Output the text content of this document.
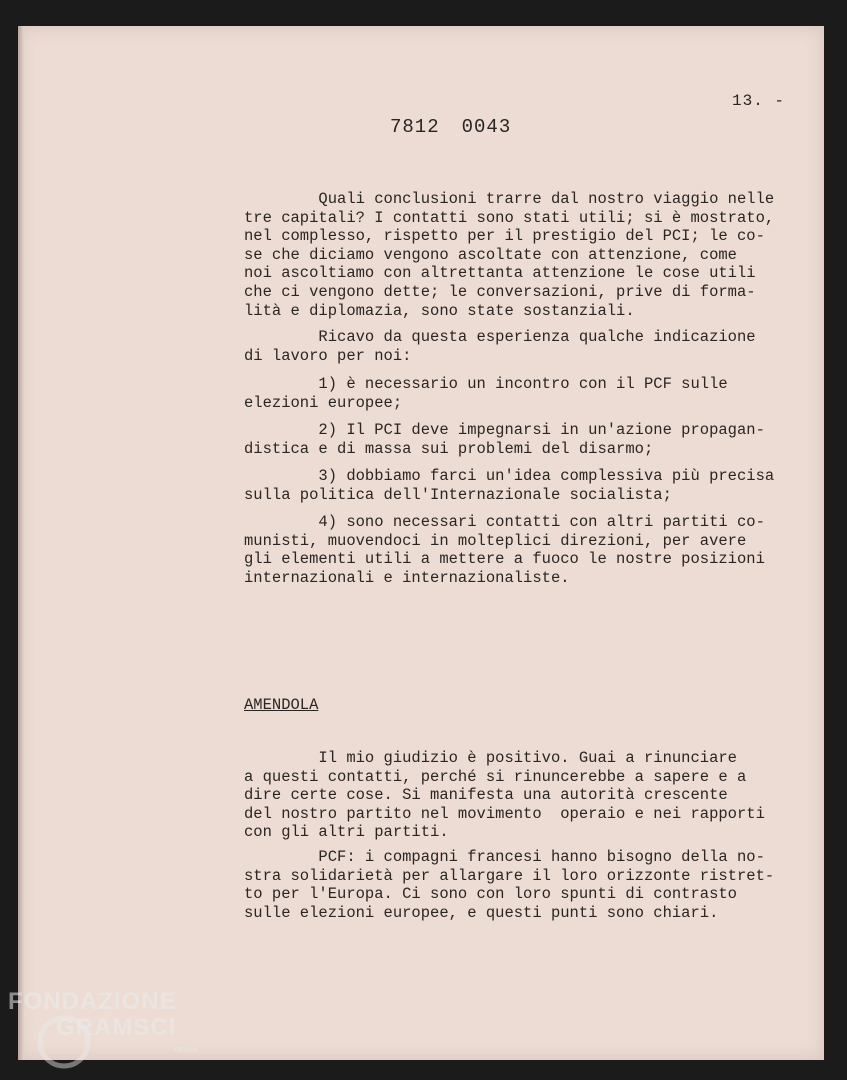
13. -
7812 0043
Quali conclusioni trarre dal nostro viaggio nelle
tre capitali? I contatti sono stati utili; si è mostrato,
nel complesso, rispetto per il prestigio del PCI; le co-
se che diciamo vengono ascoltate con attenzione, come
noi ascoltiamo con altrettanta attenzione le cose utili
che ci vengono dette; le conversazioni, prive di forma-
lità e diplomazia, sono state sostanziali.
Ricavo da questa esperienza qualche indicazione
di lavoro per noi:
1) è necessario un incontro con il PCF sulle
elezioni europee;
2) Il PCI deve impegnarsi in un'azione propagan-
distica e di massa sui problemi del disarmo;
3) dobbiamo farci un'idea complessiva più precisa
sulla politica dell'Internazionale socialista;
4) sono necessari contatti con altri partiti co-
munisti, muovendoci in molteplici direzioni, per avere
gli elementi utili a mettere a fuoco le nostre posizioni
internazionali e internazionaliste.
AMENDOLA
Il mio giudizio è positivo. Guai a rinunciare
a questi contatti, perché si rinuncerebbe a sapere e a
dire certe cose. Si manifesta una autorità crescente
del nostro partito nel movimento  operaio e nei rapporti
con gli altri partiti.
PCF: i compagni francesi hanno bisogno della no-
stra solidarietà per allargare il loro orizzonte ristret-
to per l'Europa. Ci sono con loro spunti di contrasto
sulle elezioni europee, e questi punti sono chiari.
FONDAZIONE
GRAMSCI
onlus
